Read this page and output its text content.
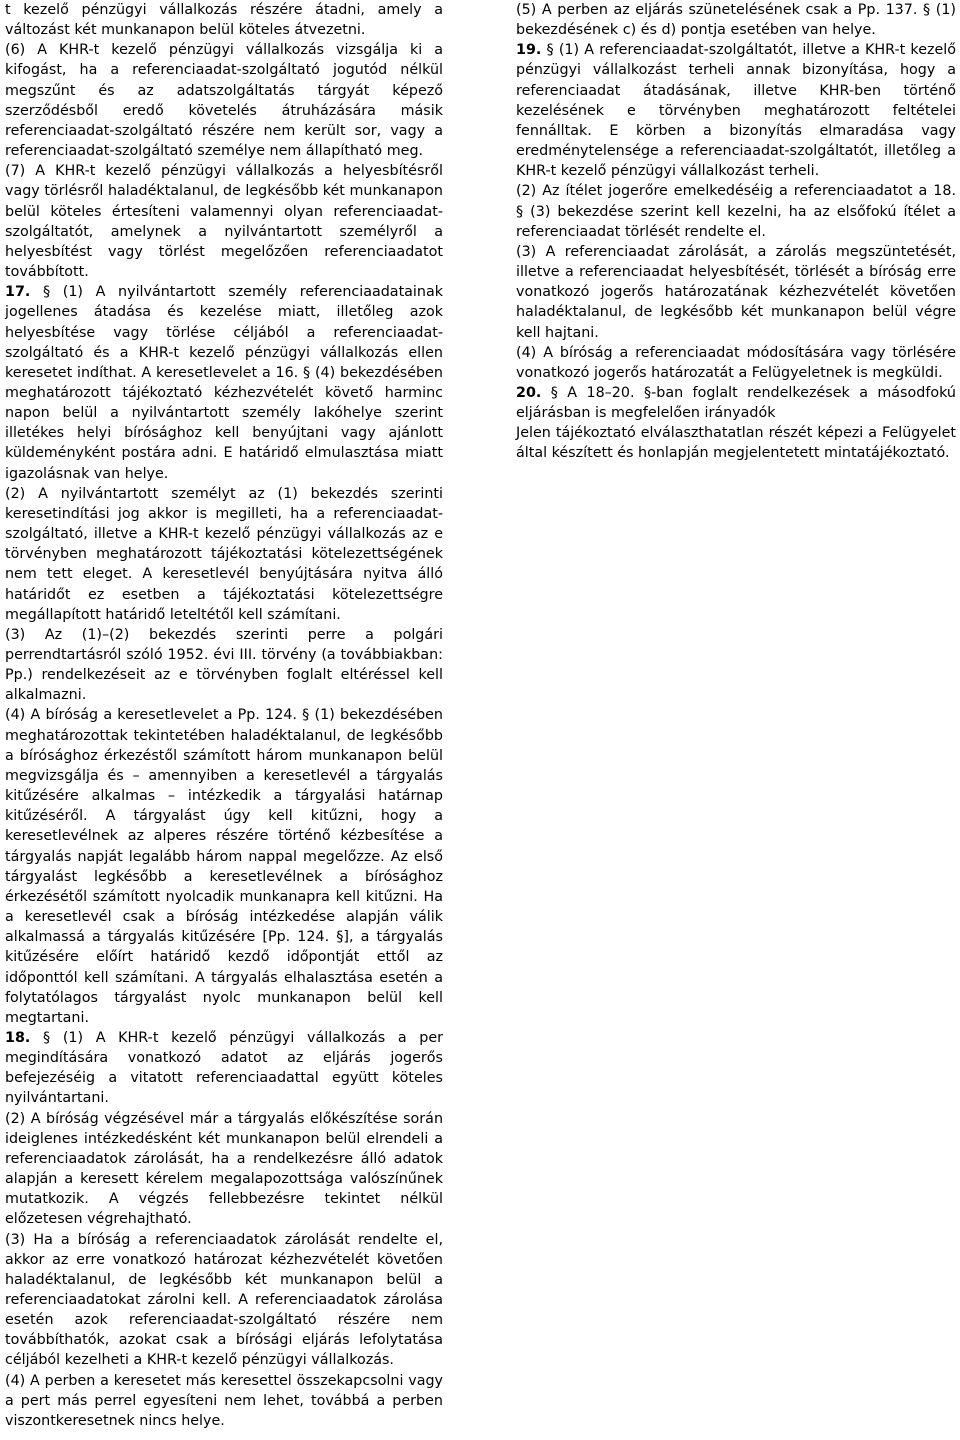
t kezelő pénzügyi vállalkozás részére átadni, amely a változást két munkanapon belül köteles átvezetni.

(6) A KHR-t kezelő pénzügyi vállalkozás vizsgálja ki a kifogást, ha a referenciaadat-szolgáltató jogutód nélkül megszűnt és az adatszolgáltatás tárgyát képező szerződésből eredő követelés átruházására másik referenciaadat-szolgáltató részére nem került sor, vagy a referenciaadat-szolgáltató személye nem állapítható meg.

(7) A KHR-t kezelő pénzügyi vállalkozás a helyesbítésről vagy törlésről haladéktalanul, de legkésőbb két munkanapon belül köteles értesíteni valamennyi olyan referenciaadat-szolgáltatót, amelynek a nyilvántartott személyről a helyesbítést vagy törlést megelőzően referenciaadatot továbbított.

17. § (1) A nyilvántartott személy referenciaadatainak jogellenes átadása és kezelése miatt, illetőleg azok helyesbítése vagy törlése céljából a referenciaadat-szolgáltató és a KHR-t kezelő pénzügyi vállalkozás ellen keresetet indíthat. A keresetlevelet a 16. § (4) bekezdésében meghatározott tájékoztató kézhezvételét követő harminc napon belül a nyilvántartott személy lakóhelye szerint illetékes helyi bírósághoz kell benyújtani vagy ajánlott küldeményként postára adni. E határidő elmulasztása miatt igazolásnak van helye.

(2) A nyilvántartott személyt az (1) bekezdés szerinti keresetindítási jog akkor is megilleti, ha a referenciaadat-szolgáltató, illetve a KHR-t kezelő pénzügyi vállalkozás az e törvényben meghatározott tájékoztatási kötelezettségének nem tett eleget. A keresetlevél benyújtására nyitva álló határidőt ez esetben a tájékoztatási kötelezettségre megállapított határidő leteltétől kell számítani.

(3) Az (1)–(2) bekezdés szerinti perre a polgári perrendtartásról szóló 1952. évi III. törvény (a továbbiakban: Pp.) rendelkezéseit az e törvényben foglalt eltéréssel kell alkalmazni.

(4) A bíróság a keresetlevelet a Pp. 124. § (1) bekezdésében meghatározottak tekintetében haladéktalanul, de legkésőbb a bírósághoz érkezéstől számított három munkanapon belül megvizsgálja és – amennyiben a keresetlevél a tárgyalás kitűzésére alkalmas – intézkedik a tárgyalási határnap kitűzéséről. A tárgyalást úgy kell kitűzni, hogy a keresetlevélnek az alperes részére történő kézbesítése a tárgyalás napját legalább három nappal megelőzze. Az első tárgyalást legkésőbb a keresetlevélnek a bírósághoz érkezésétől számított nyolcadik munkanapra kell kitűzni. Ha a keresetlevél csak a bíróság intézkedése alapján válik alkalmassá a tárgyalás kitűzésére [Pp. 124. §], a tárgyalás kitűzésére előírt határidő kezdő időpontját ettől az időponttól kell számítani. A tárgyalás elhalasztása esetén a folytatólagos tárgyalást nyolc munkanapon belül kell megtartani.

18. § (1) A KHR-t kezelő pénzügyi vállalkozás a per megindítására vonatkozó adatot az eljárás jogerős befejezéséig a vitatott referenciaadattal együtt köteles nyilvántartani.

(2) A bíróság végzésével már a tárgyalás előkészítése során ideiglenes intézkedésként két munkanapon belül elrendeli a referenciaadatok zárolását, ha a rendelkezésre álló adatok alapján a keresett kérelem megalapozottsága valószínűnek mutatkozik. A végzés fellebbezésre tekintet nélkül előzetesen végrehajtható.

(3) Ha a bíróság a referenciaadatok zárolását rendelte el, akkor az erre vonatkozó határozat kézhezvételét követően haladéktalanul, de legkésőbb két munkanapon belül a referenciaadatokat zárolni kell. A referenciaadatok zárolása esetén azok referenciaadat-szolgáltató részére nem továbbíthatók, azokat csak a bírósági eljárás lefolytatása céljából kezelheti a KHR-t kezelő pénzügyi vállalkozás.

(4) A perben a keresetet más keresettel összekapcsolni vagy a pert más perrel egyesíteni nem lehet, továbbá a perben viszontkeresetnek nincs helye.

(5) A perben az eljárás szünetelésének csak a Pp. 137. § (1) bekezdésének c) és d) pontja esetében van helye.

19. § (1) A referenciaadat-szolgáltatót, illetve a KHR-t kezelő pénzügyi vállalkozást terheli annak bizonyítása, hogy a referenciaadat átadásának, illetve KHR-ben történő kezelésének e törvényben meghatározott feltételei fennálltak. E körben a bizonyítás elmaradása vagy eredménytelensége a referenciaadat-szolgáltatót, illetőleg a KHR-t kezelő pénzügyi vállalkozást terheli.

(2) Az ítélet jogerőre emelkedéséig a referenciaadatot a 18. § (3) bekezdése szerint kell kezelni, ha az elsőfokú ítélet a referenciaadat törlését rendelte el.

(3) A referenciaadat zárolását, a zárolás megszüntetését, illetve a referenciaadat helyesbítését, törlését a bíróság erre vonatkozó jogerős határozatának kézhezvételét követően haladéktalanul, de legkésőbb két munkanapon belül végre kell hajtani.

(4) A bíróság a referenciaadat módosítására vagy törlésére vonatkozó jogerős határozatát a Felügyeletnek is megküldi.

20. § A 18–20. §-ban foglalt rendelkezések a másodfokú eljárásban is megfelelően irányadók

Jelen tájékoztató elválaszthatatlan részét képezi a Felügyelet által készített és honlapján megjelentetett mintatájékoztató.
